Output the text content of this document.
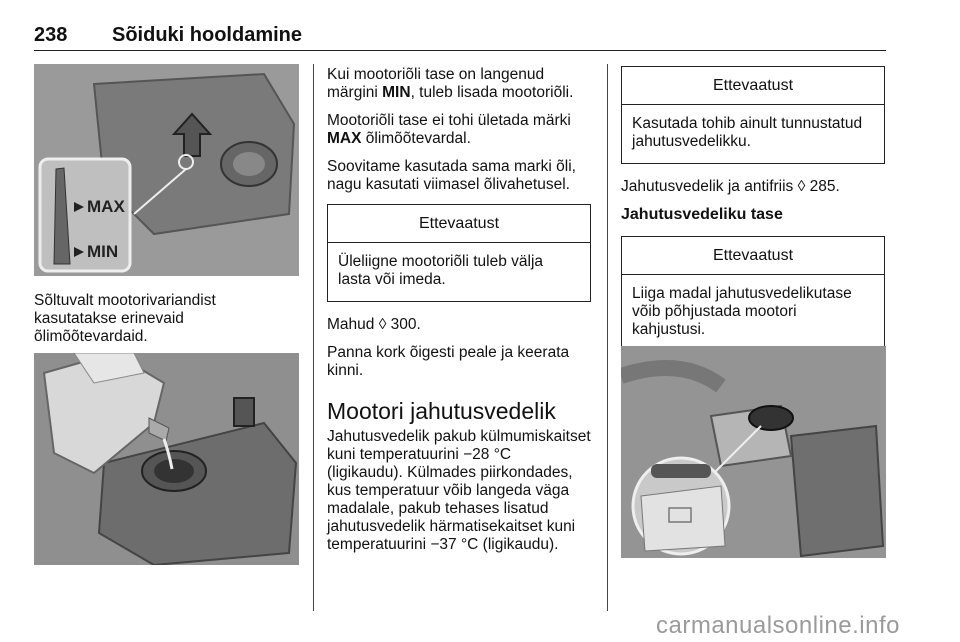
238 Sõiduki hooldamine
MAX
MIN

Sõltuvalt mootorivariandist kasutatakse erinevaid õlimõõtevardaid.

Kui mootoriõli tase on langenud märgini MIN, tuleb lisada mootoriõli.

Mootoriõli tase ei tohi ületada märki MAX õlimõõtevardal.

Soovitame kasutada sama marki õli, nagu kasutati viimasel õlivahetusel.

Ettevaatust
Üleliigne mootoriõli tuleb välja lasta või imeda.

Mahud ◊ 300.

Panna kork õigesti peale ja keerata kinni.

Mootori jahutusvedelik

Jahutusvedelik pakub külmumiskaitset kuni temperatuurini −28 °C (ligikaudu). Külmades piirkondades, kus temperatuur võib langeda väga madalale, pakub tehases lisatud jahutusvedelik härmatisekaitset kuni temperatuurini −37 °C (ligikaudu).

Ettevaatust
Kasutada tohib ainult tunnustatud jahutusvedelikku.

Jahutusvedelik ja antifriis ◊ 285.

Jahutusvedeliku tase
Ettevaatust
Liiga madal jahutusvedelikutase võib põhjustada mootori kahjustusi.
carmanualsonline.info
